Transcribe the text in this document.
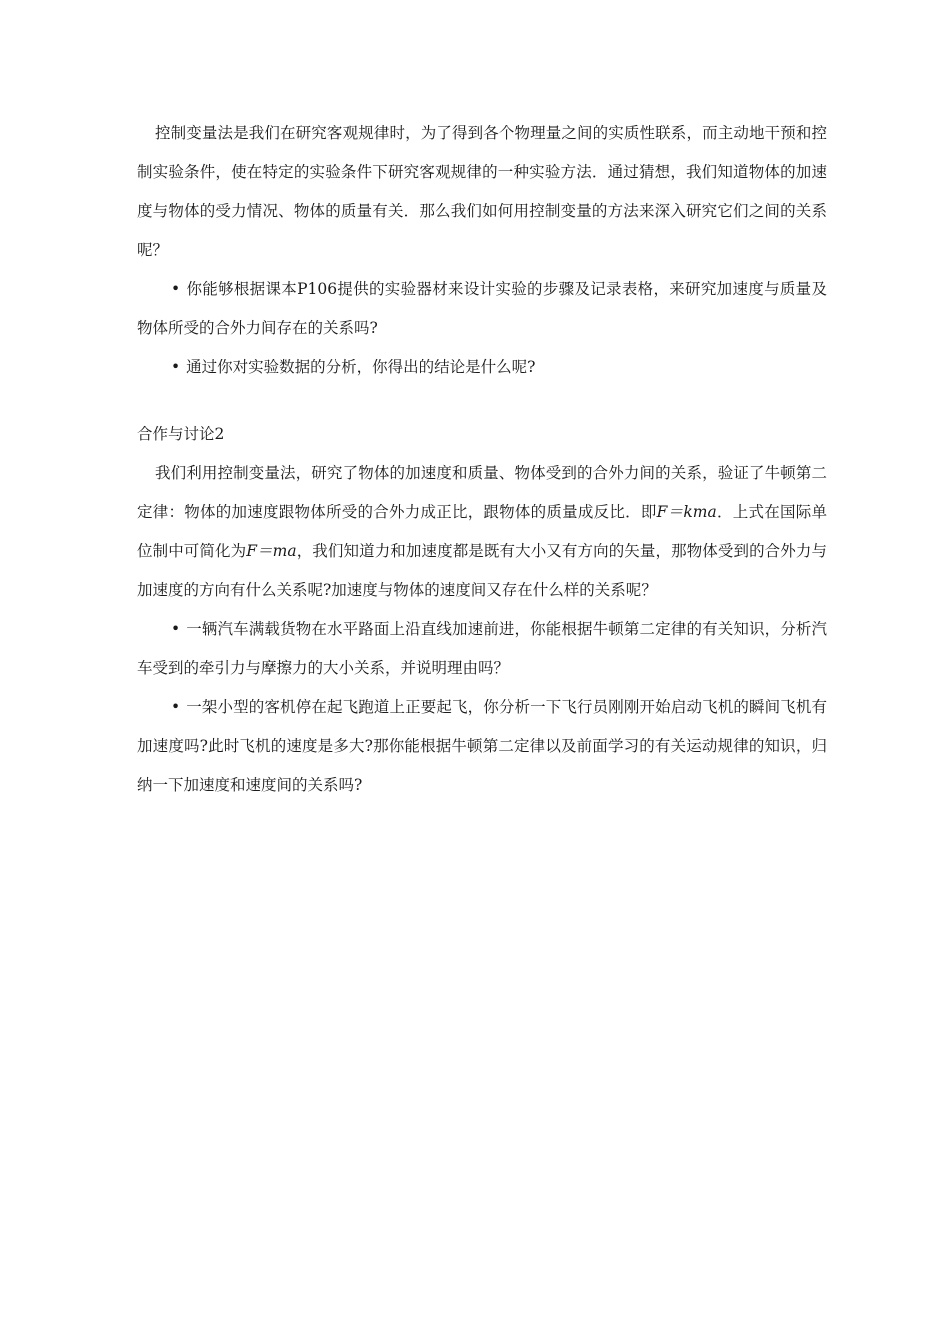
控制变量法是我们在研究客观规律时，为了得到各个物理量之间的实质性联系，而主动地干预和控制实验条件，使在特定的实验条件下研究客观规律的一种实验方法．通过猜想，我们知道物体的加速度与物体的受力情况、物体的质量有关．那么我们如何用控制变量的方法来深入研究它们之间的关系呢？

• 你能够根据课本P106提供的实验器材来设计实验的步骤及记录表格，来研究加速度与质量及物体所受的合外力间存在的关系吗?

• 通过你对实验数据的分析，你得出的结论是什么呢?

合作与讨论2

我们利用控制变量法，研究了物体的加速度和质量、物体受到的合外力间的关系，验证了牛顿第二定律：物体的加速度跟物体所受的合外力成正比，跟物体的质量成反比．即F＝kma．上式在国际单位制中可简化为F＝ma，我们知道力和加速度都是既有大小又有方向的矢量，那物体受到的合外力与加速度的方向有什么关系呢?加速度与物体的速度间又存在什么样的关系呢？

• 一辆汽车满载货物在水平路面上沿直线加速前进，你能根据牛顿第二定律的有关知识，分析汽车受到的牵引力与摩擦力的大小关系，并说明理由吗？

• 一架小型的客机停在起飞跑道上正要起飞，你分析一下飞行员刚刚开始启动飞机的瞬间飞机有加速度吗?此时飞机的速度是多大?那你能根据牛顿第二定律以及前面学习的有关运动规律的知识，归纳一下加速度和速度间的关系吗?
